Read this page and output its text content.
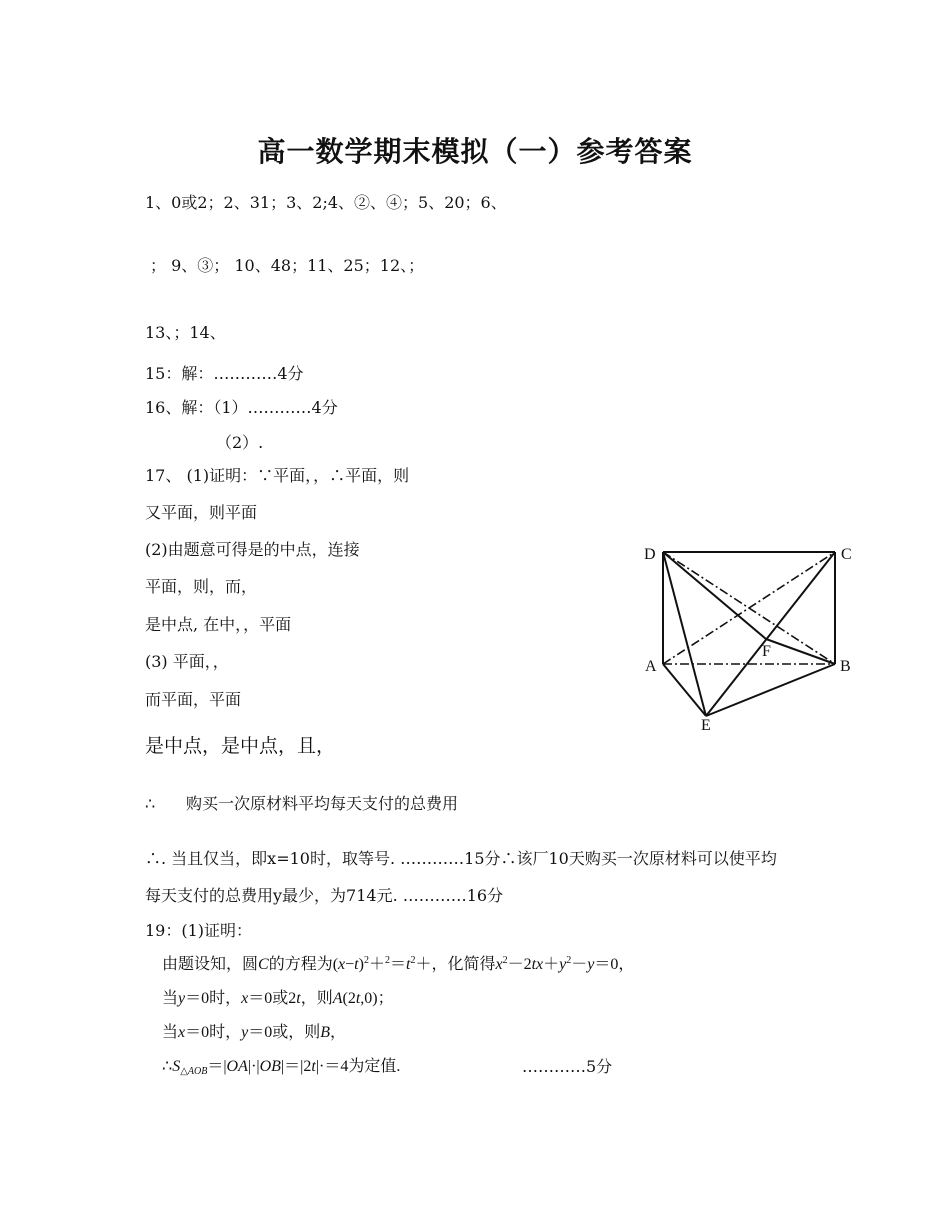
高一数学期末模拟（一）参考答案
1、0或2；2、31；3、2;4、②、④；5、20；6、
； 9、③； 10、48；11、25；12、；
13、；14、
15：解：…………4分
16、解：（1）…………4分
（2）.
17、 (1)证明：∵平面，，∴平面，则
又平面，则平面
(2)由题意可得是的中点，连接
平面，则，而，
是中点, 在中，，平面
(3) 平面，，
而平面，平面
是中点，是中点，且，
∴ 购买一次原材料平均每天支付的总费用
∴. 当且仅当，即x=10时，取等号. …………15分∴该厂10天购买一次原材料可以使平均
每天支付的总费用y最少，为714元. …………16分
19：(1)证明：
由题设知，圆C的方程为$(x-t)^2+^2=t^2+$，化简得$x^2-2tx+y^2-y=0$，
当y＝0时，x＝0或2t，则A(2t,0)；
当x＝0时，y＝0或，则B，
$\therefore S_{\triangle AOB}=|OA|\cdot|OB|=|2t|\cdot=4$为定值.	…………5分
D	C
A	B
F
E
